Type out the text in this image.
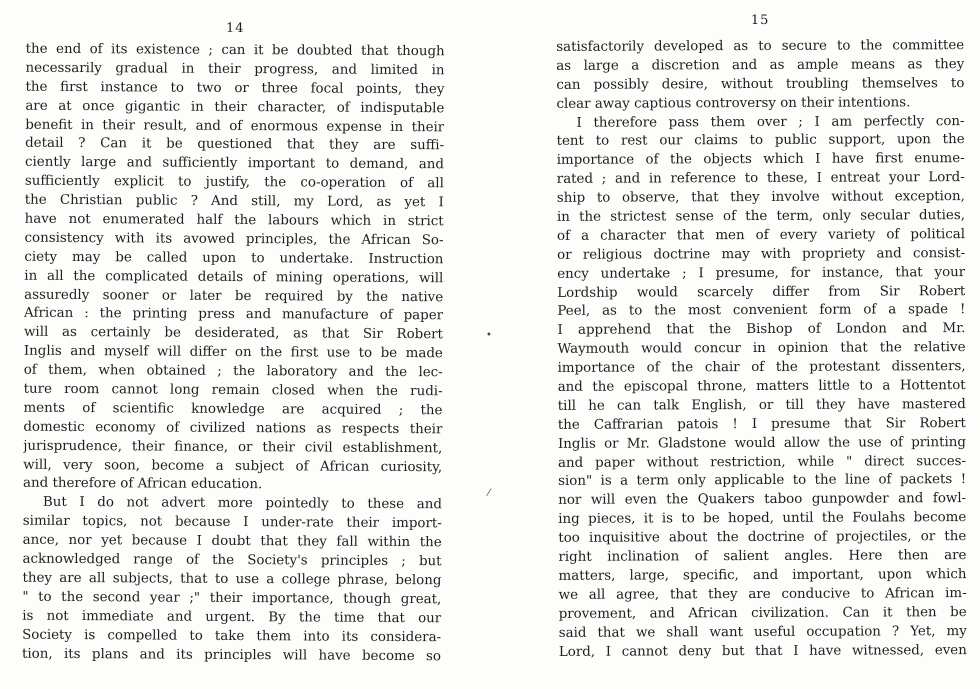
14
the end of its existence ; can it be doubted that though
necessarily gradual in their progress, and limited in
the first instance to two or three focal points, they
are at once gigantic in their character, of indisputable
benefit in their result, and of enormous expense in their
detail ? Can it be questioned that they are suffi-
ciently large and sufficiently important to demand, and
sufficiently explicit to justify, the co-operation of all
the Christian public ? And still, my Lord, as yet I
have not enumerated half the labours which in strict
consistency with its avowed principles, the African So-
ciety may be called upon to undertake. Instruction
in all the complicated details of mining operations, will
assuredly sooner or later be required by the native
African : the printing press and manufacture of paper
will as certainly be desiderated, as that Sir Robert
Inglis and myself will differ on the first use to be made
of them, when obtained ; the laboratory and the lec-
ture room cannot long remain closed when the rudi-
ments of scientific knowledge are acquired ; the
domestic economy of civilized nations as respects their
jurisprudence, their finance, or their civil establishment,
will, very soon, become a subject of African curiosity,
and therefore of African education.
But I do not advert more pointedly to these and
similar topics, not because I under-rate their import-
ance, nor yet because I doubt that they fall within the
acknowledged range of the Society's principles ; but
they are all subjects, that to use a college phrase, belong
" to the second year ;" their importance, though great,
is not immediate and urgent. By the time that our
Society is compelled to take them into its considera-
tion, its plans and its principles will have become so
15
satisfactorily developed as to secure to the committee
as large a discretion and as ample means as they
can possibly desire, without troubling themselves to
clear away captious controversy on their intentions.
I therefore pass them over ; I am perfectly con-
tent to rest our claims to public support, upon the
importance of the objects which I have first enume-
rated ; and in reference to these, I entreat your Lord-
ship to observe, that they involve without exception,
in the strictest sense of the term, only secular duties,
of a character that men of every variety of political
or religious doctrine may with propriety and consist-
ency undertake ; I presume, for instance, that your
Lordship would scarcely differ from Sir Robert
Peel, as to the most convenient form of a spade !
I apprehend that the Bishop of London and Mr.
Waymouth would concur in opinion that the relative
importance of the chair of the protestant dissenters,
and the episcopal throne, matters little to a Hottentot
till he can talk English, or till they have mastered
the Caffrarian patois ! I presume that Sir Robert
Inglis or Mr. Gladstone would allow the use of printing
and paper without restriction, while " direct succes-
sion" is a term only applicable to the line of packets !
nor will even the Quakers taboo gunpowder and fowl-
ing pieces, it is to be hoped, until the Foulahs become
too inquisitive about the doctrine of projectiles, or the
right inclination of salient angles. Here then are
matters, large, specific, and important, upon which
we all agree, that they are conducive to African im-
provement, and African civilization. Can it then be
said that we shall want useful occupation ? Yet, my
Lord, I cannot deny but that I have witnessed, even
•
⁄
